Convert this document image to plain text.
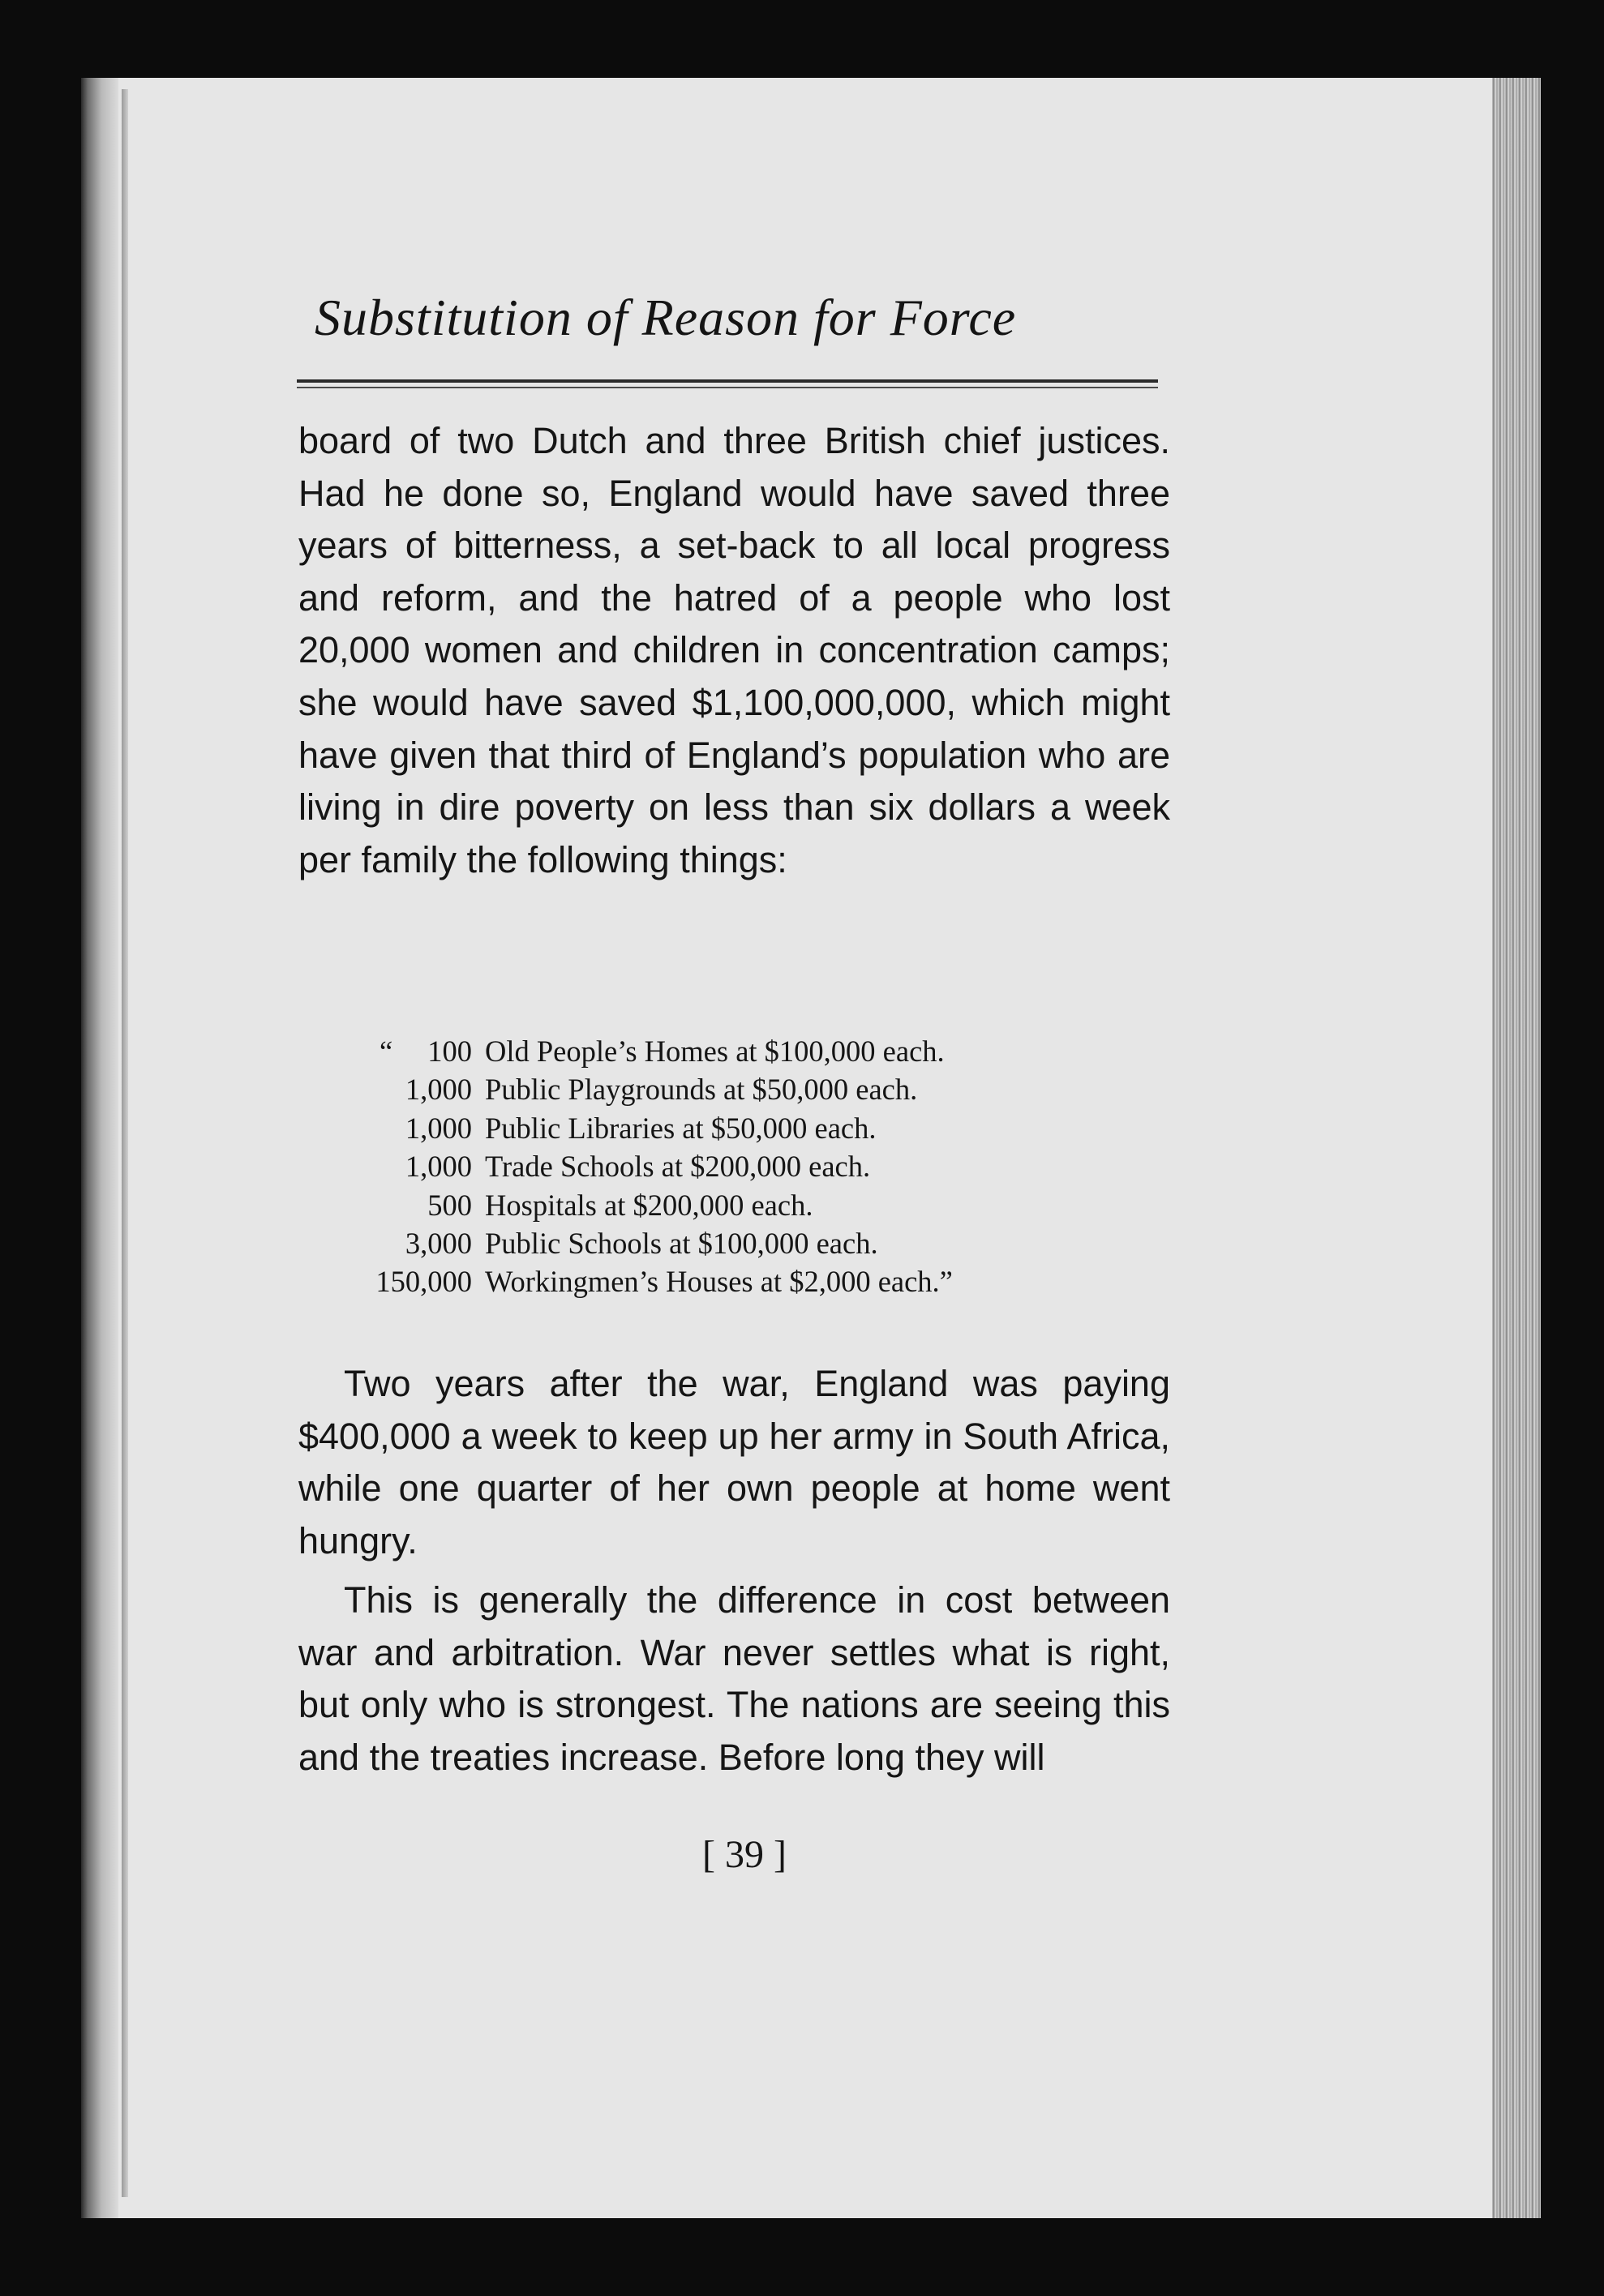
Substitution of Reason for Force

board of two Dutch and three British chief justices. Had he done so, England would have saved three years of bitterness, a set-back to all local progress and reform, and the hatred of a people who lost 20,000 women and children in concentration camps; she would have saved $1,100,000,000, which might have given that third of England’s population who are living in dire poverty on less than six dollars a week per family the following things:

“ 100 Old People’s Homes at $100,000 each.
1,000 Public Playgrounds at $50,000 each.
1,000 Public Libraries at $50,000 each.
1,000 Trade Schools at $200,000 each.
500 Hospitals at $200,000 each.
3,000 Public Schools at $100,000 each.
150,000 Workingmen’s Houses at $2,000 each.”

Two years after the war, England was paying $400,000 a week to keep up her army in South Africa, while one quarter of her own people at home went hungry.

This is generally the difference in cost between war and arbitration. War never settles what is right, but only who is strongest. The nations are seeing this and the treaties increase. Before long they will

[ 39 ]
